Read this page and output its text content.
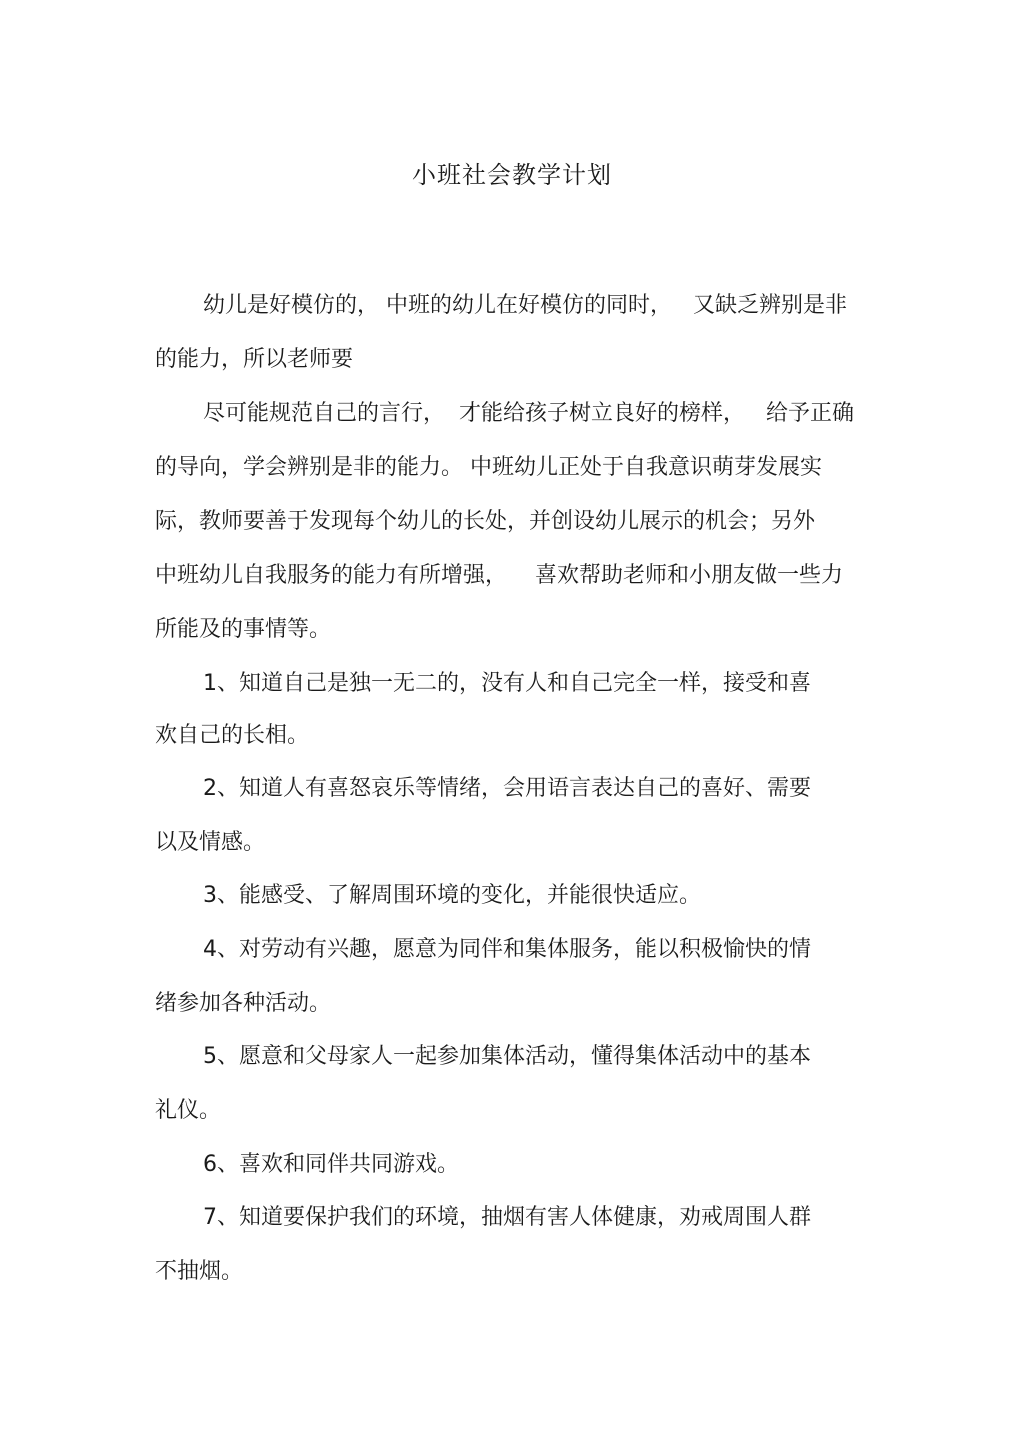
小班社会教学计划

幼儿是好模仿的， 中班的幼儿在好模仿的同时，   又缺乏辨别是非

的能力，所以老师要

尽可能规范自己的言行，  才能给孩子树立良好的榜样，   给予正确

的导向，学会辨别是非的能力。 中班幼儿正处于自我意识萌芽发展实

际，教师要善于发现每个幼儿的长处，并创设幼儿展示的机会；另外

中班幼儿自我服务的能力有所增强，    喜欢帮助老师和小朋友做一些力

所能及的事情等。

1、知道自己是独一无二的，没有人和自己完全一样，接受和喜

欢自己的长相。

2、知道人有喜怒哀乐等情绪，会用语言表达自己的喜好、需要

以及情感。

3、能感受、了解周围环境的变化，并能很快适应。

4、对劳动有兴趣，愿意为同伴和集体服务，能以积极愉快的情

绪参加各种活动。

5、愿意和父母家人一起参加集体活动，懂得集体活动中的基本

礼仪。

6、喜欢和同伴共同游戏。

7、知道要保护我们的环境，抽烟有害人体健康，劝戒周围人群

不抽烟。
